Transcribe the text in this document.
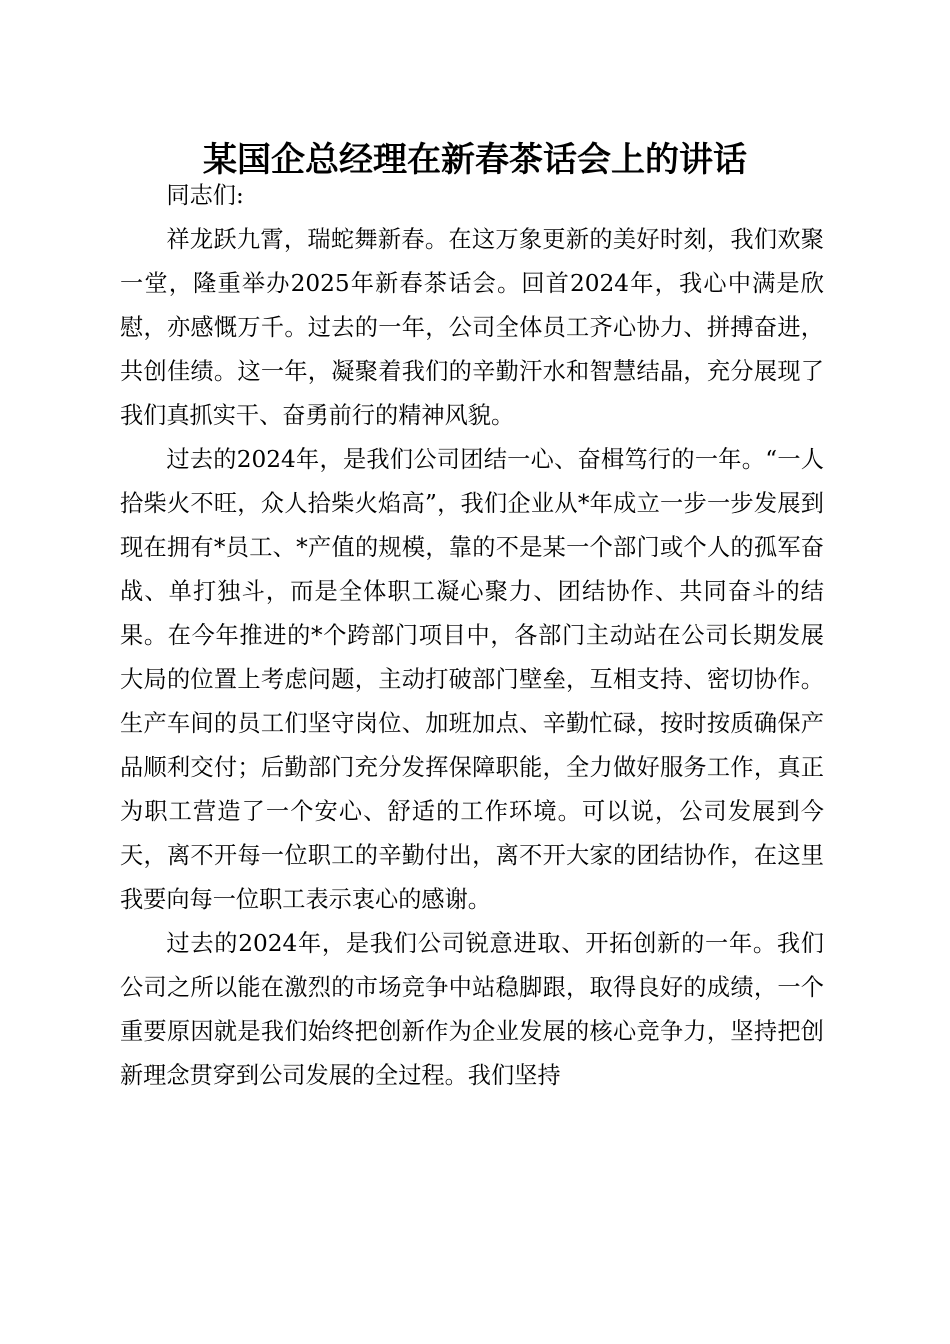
某国企总经理在新春茶话会上的讲话

同志们:

祥龙跃九霄，瑞蛇舞新春。在这万象更新的美好时刻，我们欢聚一堂，隆重举办2025年新春茶话会。回首2024年，我心中满是欣慰，亦感慨万千。过去的一年，公司全体员工齐心协力、拼搏奋进，共创佳绩。这一年，凝聚着我们的辛勤汗水和智慧结晶，充分展现了我们真抓实干、奋勇前行的精神风貌。

过去的2024年，是我们公司团结一心、奋楫笃行的一年。“一人拾柴火不旺，众人拾柴火焰高”，我们企业从*年成立一步一步发展到现在拥有*员工、*产值的规模，靠的不是某一个部门或个人的孤军奋战、单打独斗，而是全体职工凝心聚力、团结协作、共同奋斗的结果。在今年推进的*个跨部门项目中，各部门主动站在公司长期发展大局的位置上考虑问题，主动打破部门壁垒，互相支持、密切协作。生产车间的员工们坚守岗位、加班加点、辛勤忙碌，按时按质确保产品顺利交付；后勤部门充分发挥保障职能，全力做好服务工作，真正为职工营造了一个安心、舒适的工作环境。可以说，公司发展到今天，离不开每一位职工的辛勤付出，离不开大家的团结协作，在这里我要向每一位职工表示衷心的感谢。

过去的2024年，是我们公司锐意进取、开拓创新的一年。我们公司之所以能在激烈的市场竞争中站稳脚跟，取得良好的成绩，一个重要原因就是我们始终把创新作为企业发展的核心竞争力，坚持把创新理念贯穿到公司发展的全过程。我们坚持
